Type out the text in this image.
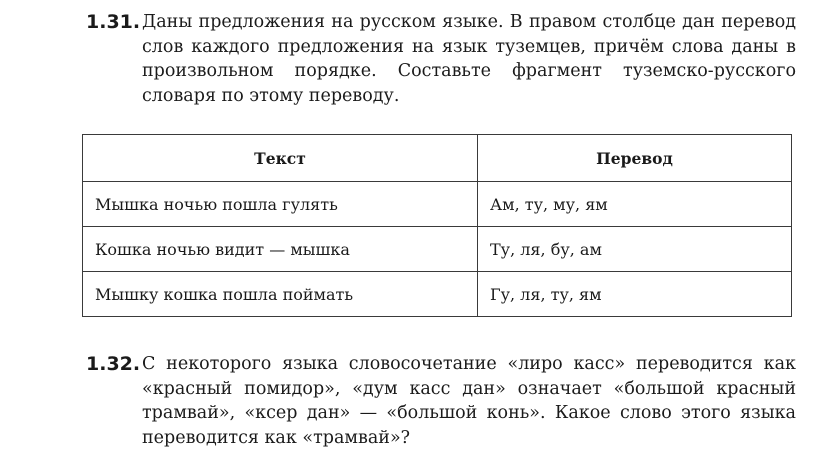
1.31. Даны предложения на русском языке. В правом столбце дан перевод слов каждого предложения на язык туземцев, причём слова даны в произвольном порядке. Составьте фрагмент туземско-русского словаря по этому переводу.
Текст	Перевод
Мышка ночью пошла гулять	Ам, ту, му, ям
Кошка ночью видит — мышка	Ту, ля, бу, ам
Мышку кошка пошла поймать	Гу, ля, ту, ям
1.32. С некоторого языка словосочетание «лиро касс» переводится как «красный помидор», «дум касс дан» означает «большой красный трамвай», «ксер дан» — «большой конь». Какое слово этого языка переводится как «трамвай»?
